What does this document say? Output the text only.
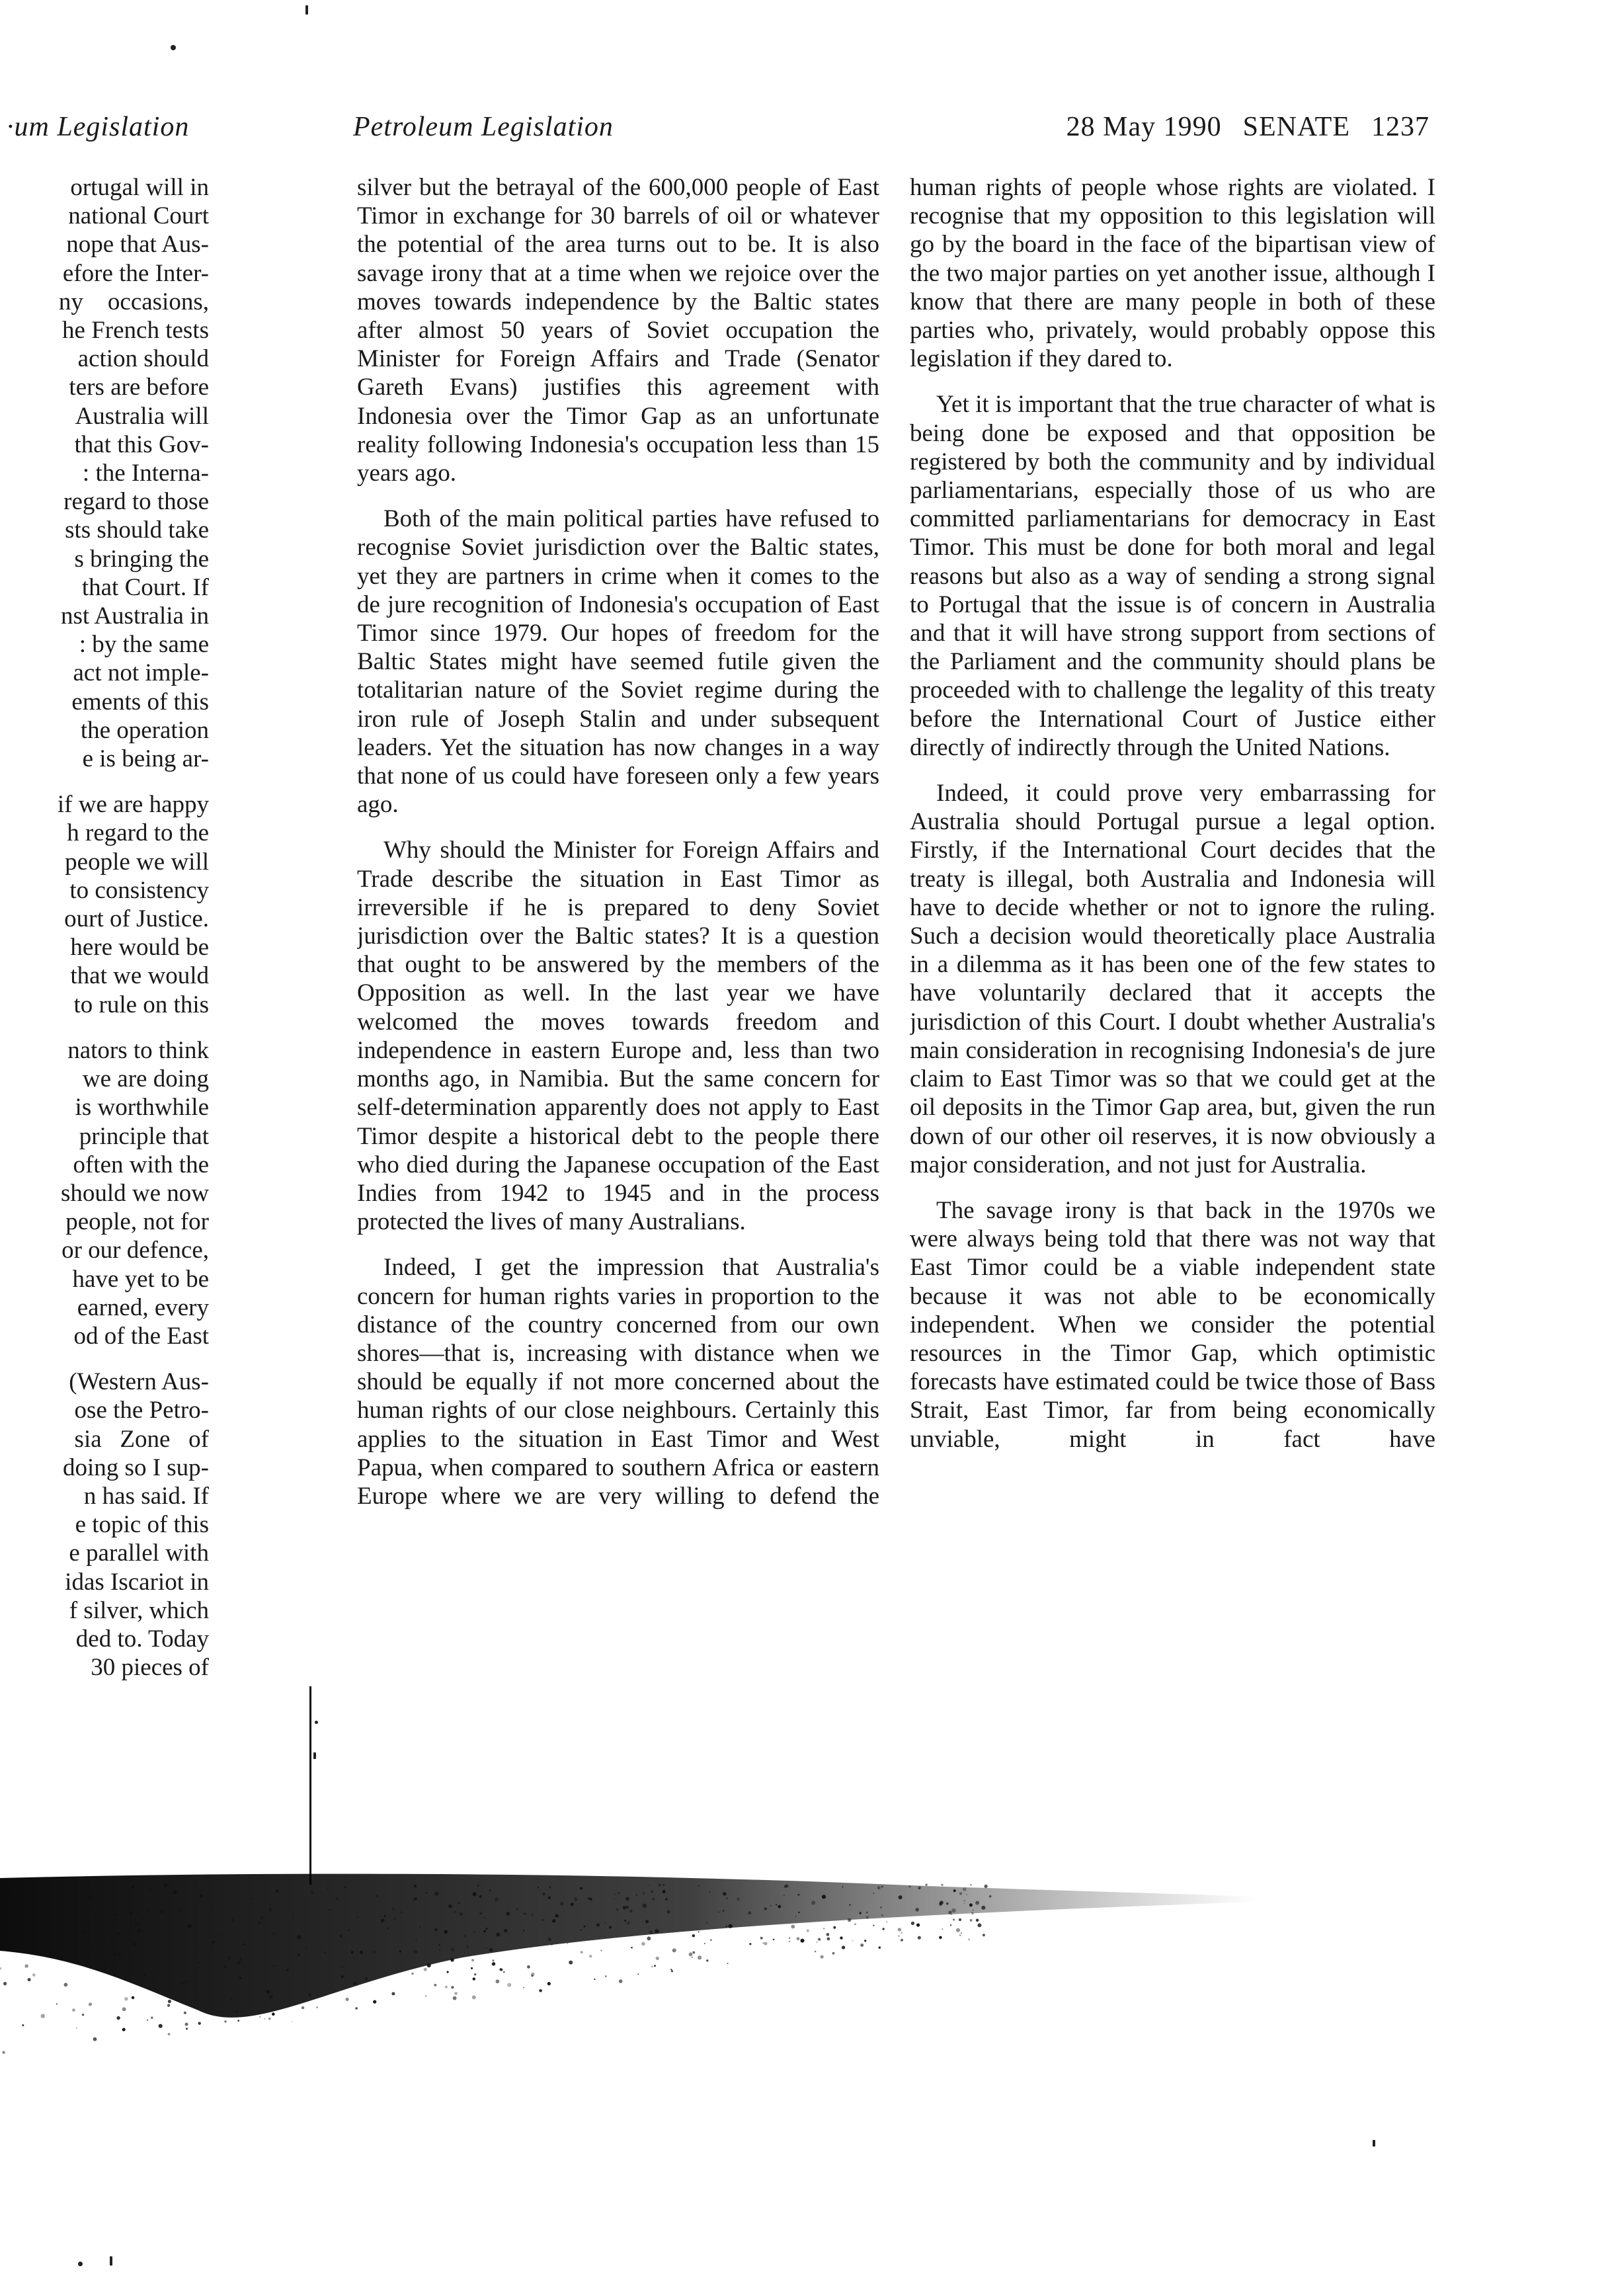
·um Legislation	Petroleum Legislation	28 May 1990 SENATE 1237

ortugal will in

national Court

nope that Aus-

efore the Inter-

ny    occasions,

he French tests

action should

ters are before

Australia will

that this Gov-

: the Interna-

regard to those

sts should take

s bringing the

that Court. If

nst Australia in

: by the same

act not imple-

ements of this

the operation

e is being ar-

if we are happy

h regard to the

people we will

to consistency

ourt of Justice.

here would be

that we would

to rule on this

nators to think

we are doing

is worthwhile

principle that

often with the

should we now

people, not for

or our defence,

have yet to be

earned, every

od of the East

(Western Aus-

ose the Petro-

sia   Zone   of

doing so I sup-

n has said. If

e topic of this

e parallel with

idas Iscariot in

f silver, which

ded to. Today

30 pieces of

silver but the betrayal of the 600,000 people of East Timor in exchange for 30 barrels of oil or whatever the potential of the area turns out to be. It is also savage irony that at a time when we rejoice over the moves towards independence by the Baltic states after almost 50 years of Soviet occupation the Minister for Foreign Affairs and Trade (Senator Gareth Evans) justifies this agreement with Indonesia over the Timor Gap as an unfortunate reality following Indonesia's occupation less than 15 years ago.

Both of the main political parties have refused to recognise Soviet jurisdiction over the Baltic states, yet they are partners in crime when it comes to the de jure recognition of Indonesia's occupation of East Timor since 1979. Our hopes of freedom for the Baltic States might have seemed futile given the totalitarian nature of the Soviet regime during the iron rule of Joseph Stalin and under subsequent leaders. Yet the situation has now changes in a way that none of us could have foreseen only a few years ago.

Why should the Minister for Foreign Affairs and Trade describe the situation in East Timor as irreversible if he is prepared to deny Soviet jurisdiction over the Baltic states? It is a question that ought to be answered by the members of the Opposition as well. In the last year we have welcomed the moves towards freedom and independence in eastern Europe and, less than two months ago, in Namibia. But the same concern for self-determination apparently does not apply to East Timor despite a historical debt to the people there who died during the Japanese occupation of the East Indies from 1942 to 1945 and in the process protected the lives of many Australians.

Indeed, I get the impression that Australia's concern for human rights varies in proportion to the distance of the country concerned from our own shores—that is, increasing with distance when we should be equally if not more concerned about the human rights of our close neighbours. Certainly this applies to the situation in East Timor and West Papua, when compared to southern Africa or eastern Europe where we are very willing to defend the

human rights of people whose rights are violated. I recognise that my opposition to this legislation will go by the board in the face of the bipartisan view of the two major parties on yet another issue, although I know that there are many people in both of these parties who, privately, would probably oppose this legislation if they dared to.

Yet it is important that the true character of what is being done be exposed and that opposition be registered by both the community and by individual parliamentarians, especially those of us who are committed parliamentarians for democracy in East Timor. This must be done for both moral and legal reasons but also as a way of sending a strong signal to Portugal that the issue is of concern in Australia and that it will have strong support from sections of the Parliament and the community should plans be proceeded with to challenge the legality of this treaty before the International Court of Justice either directly of indirectly through the United Nations.

Indeed, it could prove very embarrassing for Australia should Portugal pursue a legal option. Firstly, if the International Court decides that the treaty is illegal, both Australia and Indonesia will have to decide whether or not to ignore the ruling. Such a decision would theoretically place Australia in a dilemma as it has been one of the few states to have voluntarily declared that it accepts the jurisdiction of this Court. I doubt whether Australia's main consideration in recognising Indonesia's de jure claim to East Timor was so that we could get at the oil deposits in the Timor Gap area, but, given the run down of our other oil reserves, it is now obviously a major consideration, and not just for Australia.

The savage irony is that back in the 1970s we were always being told that there was not way that East Timor could be a viable independent state because it was not able to be economically independent. When we consider the potential resources in the Timor Gap, which optimistic forecasts have estimated could be twice those of Bass Strait, East Timor, far from being economically unviable, might in fact have
